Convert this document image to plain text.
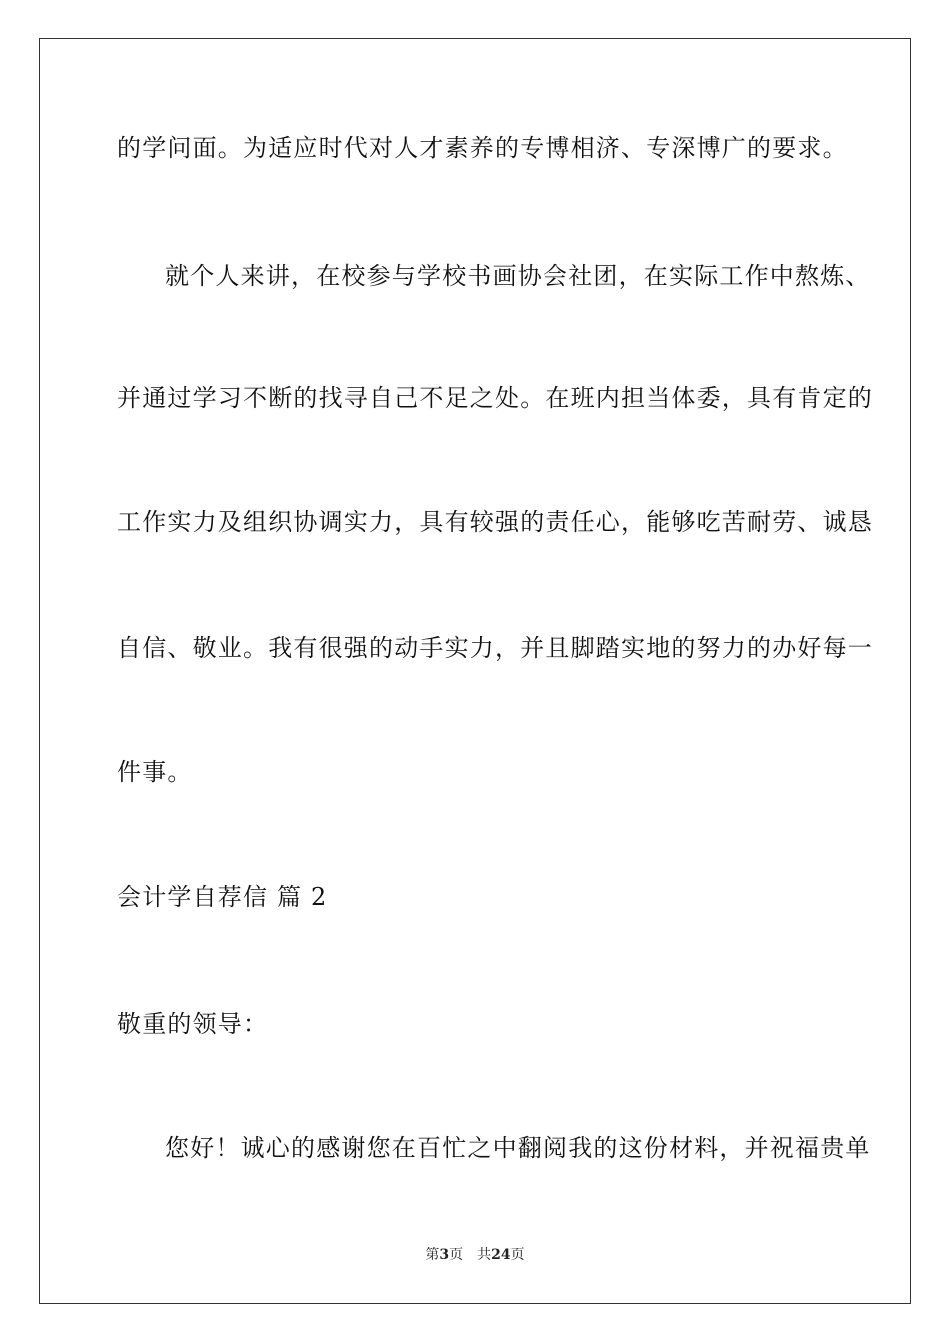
的学问面。为适应时代对人才素养的专博相济、专深博广的要求。
就个人来讲，在校参与学校书画协会社团，在实际工作中熬炼、
并通过学习不断的找寻自己不足之处。在班内担当体委，具有肯定的
工作实力及组织协调实力，具有较强的责任心，能够吃苦耐劳、诚恳
自信、敬业。我有很强的动手实力，并且脚踏实地的努力的办好每一
件事。
会计学自荐信 篇 2
敬重的领导：
您好！诚心的感谢您在百忙之中翻阅我的这份材料，并祝福贵单
第3页 共24页
